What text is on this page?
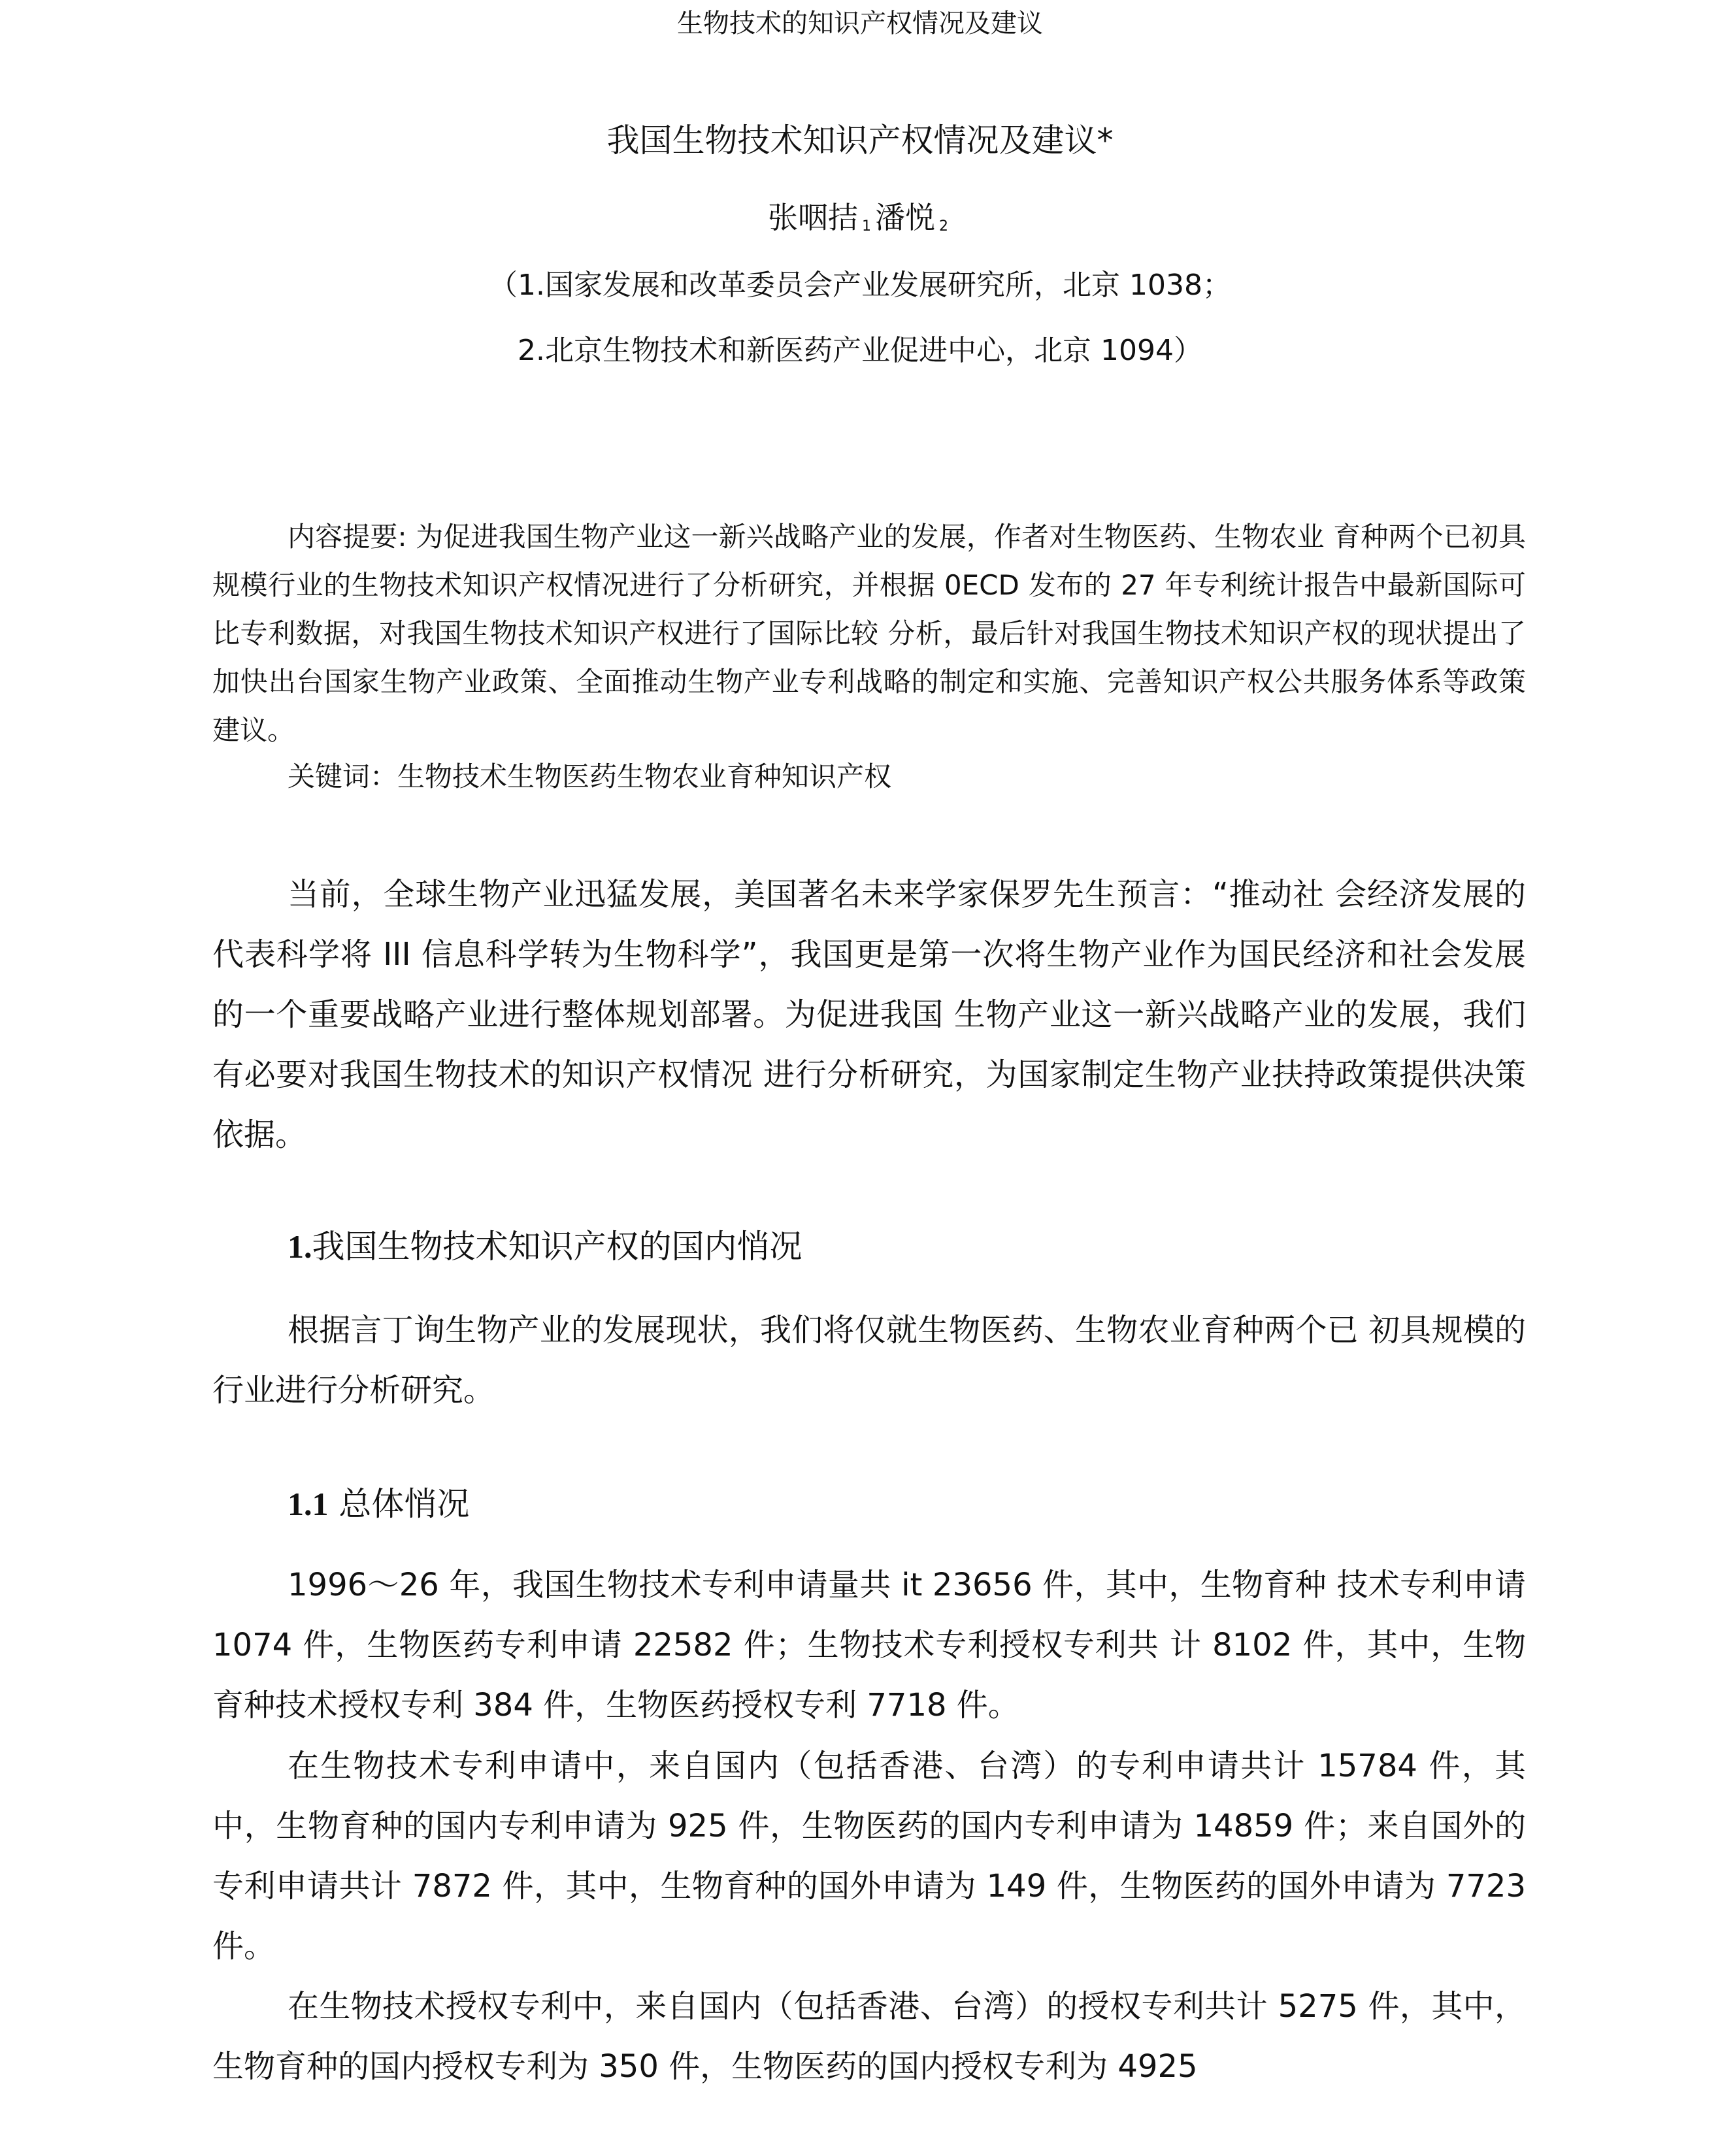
生物技术的知识产权情况及建议
我国生物技术知识产权情况及建议*
张咽拮 $_1$ 潘悦 $_2$
（1.国家发展和改革委员会产业发展研究所，北京 1038；
2.北京生物技术和新医药产业促进中心，北京 1094）
内容提要: 为促进我国生物产业这一新兴战略产业的发展，作者对生物医药、生物农业 育种两个已初具规模行业的生物技术知识产权情况进行了分析研究，并根据 0ECD 发布的 27 年专利统计报告中最新国际可比专利数据，对我国生物技术知识产权进行了国际比较 分析，最后针对我国生物技术知识产权的现状提出了加快出台国家生物产业政策、全面推动生物产业专利战略的制定和实施、完善知识产权公共服务体系等政策建议。
关键词：生物技术生物医药生物农业育种知识产权
当前，全球生物产业迅猛发展，美国著名未来学家保罗先生预言：“推动社 会经济发展的代表科学将 III 信息科学转为生物科学”，我国更是第一次将生物产业作为国民经济和社会发展的一个重要战略产业进行整体规划部署。为促进我国 生物产业这一新兴战略产业的发展，我们有必要对我国生物技术的知识产权情况 进行分析研究，为国家制定生物产业扶持政策提供决策依据。
1.我国生物技术知识产权的国内悄况
根据言丁询生物产业的发展现状，我们将仅就生物医药、生物农业育种两个已 初具规模的行业进行分析研究。
1.1 总体悄况
1996〜26 年，我国生物技术专利申请量共 it 23656 件，其中，生物育种 技术专利申请 1074 件，生物医药专利申请 22582 件；生物技术专利授权专利共 计 8102 件，其中，生物育种技术授权专利 384 件，生物医药授权专利 7718 件。
在生物技术专利申请中，来自国内（包括香港、台湾）的专利申请共计 15784 件，其中，生物育种的国内专利申请为 925 件，生物医药的国内专利申请为 14859 件；来自国外的专利申请共计 7872 件，其中，生物育种的国外申请为 149 件，生物医药的国外申请为 7723 件。
在生物技术授权专利中，来自国内（包括香港、台湾）的授权专利共计 5275 件，其中，生物育种的国内授权专利为 350 件，生物医药的国内授权专利为 4925
